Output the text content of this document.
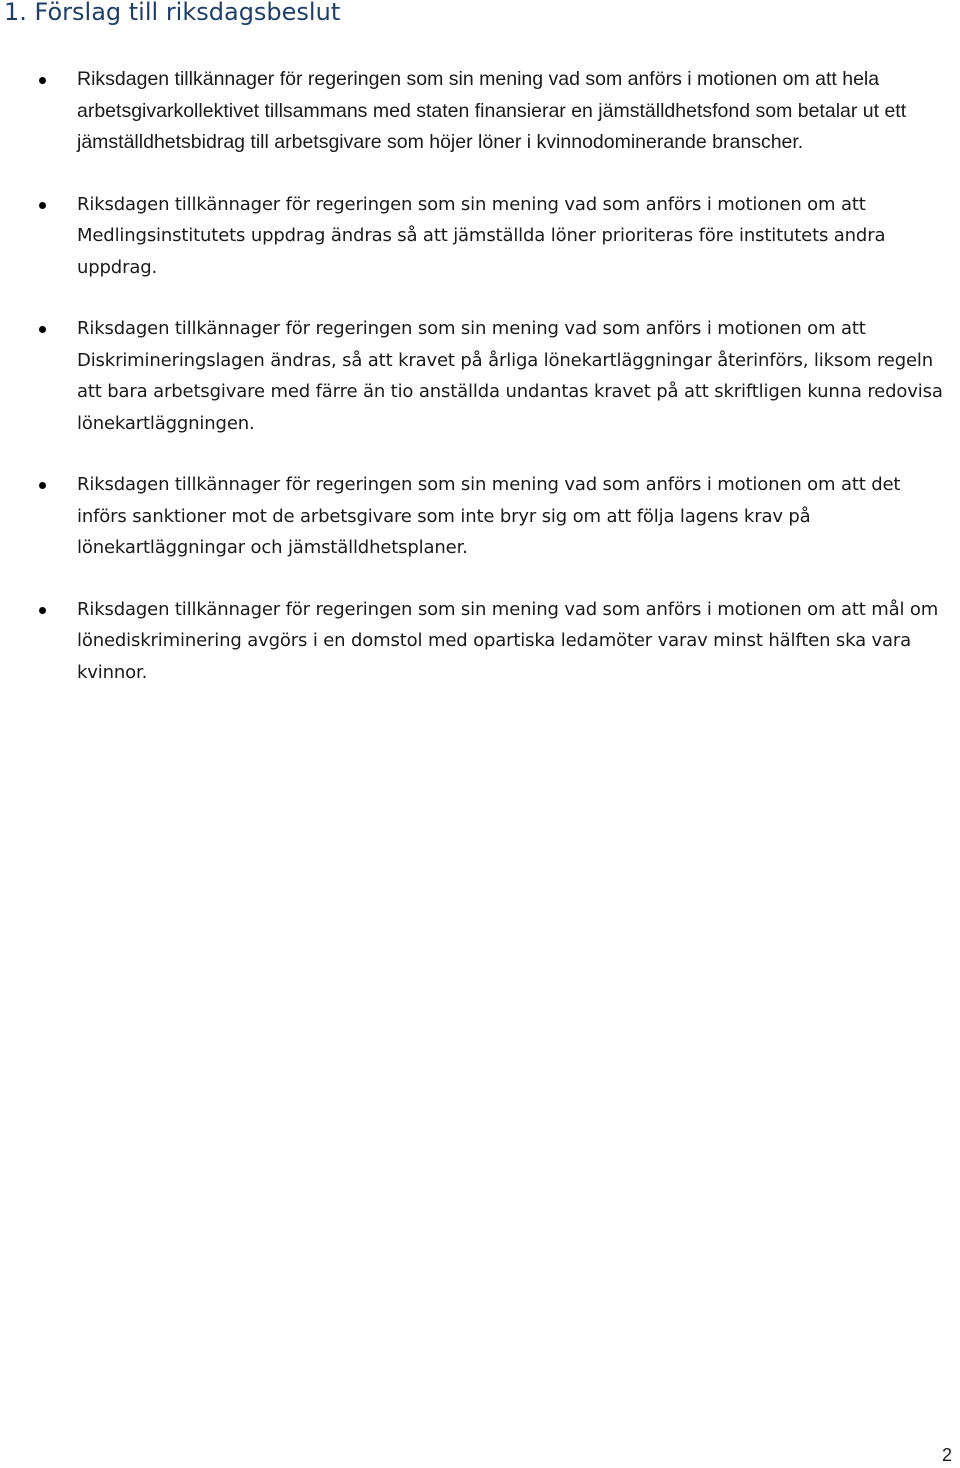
1. Förslag till riksdagsbeslut
Riksdagen tillkännager för regeringen som sin mening vad som anförs i motionen om att hela arbetsgivarkollektivet tillsammans med staten finansierar en jämställdhetsfond som betalar ut ett jämställdhetsbidrag till arbetsgivare som höjer löner i kvinnodominerande branscher.
Riksdagen tillkännager för regeringen som sin mening vad som anförs i motionen om att Medlingsinstitutets uppdrag ändras så att jämställda löner prioriteras före institutets andra uppdrag.
Riksdagen tillkännager för regeringen som sin mening vad som anförs i motionen om att Diskrimineringslagen ändras, så att kravet på årliga lönekartläggningar återinförs, liksom regeln att bara arbetsgivare med färre än tio anställda undantas kravet på att skriftligen kunna redovisa lönekartläggningen.
Riksdagen tillkännager för regeringen som sin mening vad som anförs i motionen om att det införs sanktioner mot de arbetsgivare som inte bryr sig om att följa lagens krav på lönekartläggningar och jämställdhetsplaner.
Riksdagen tillkännager för regeringen som sin mening vad som anförs i motionen om att mål om lönediskriminering avgörs i en domstol med opartiska ledamöter varav minst hälften ska vara kvinnor.
2
